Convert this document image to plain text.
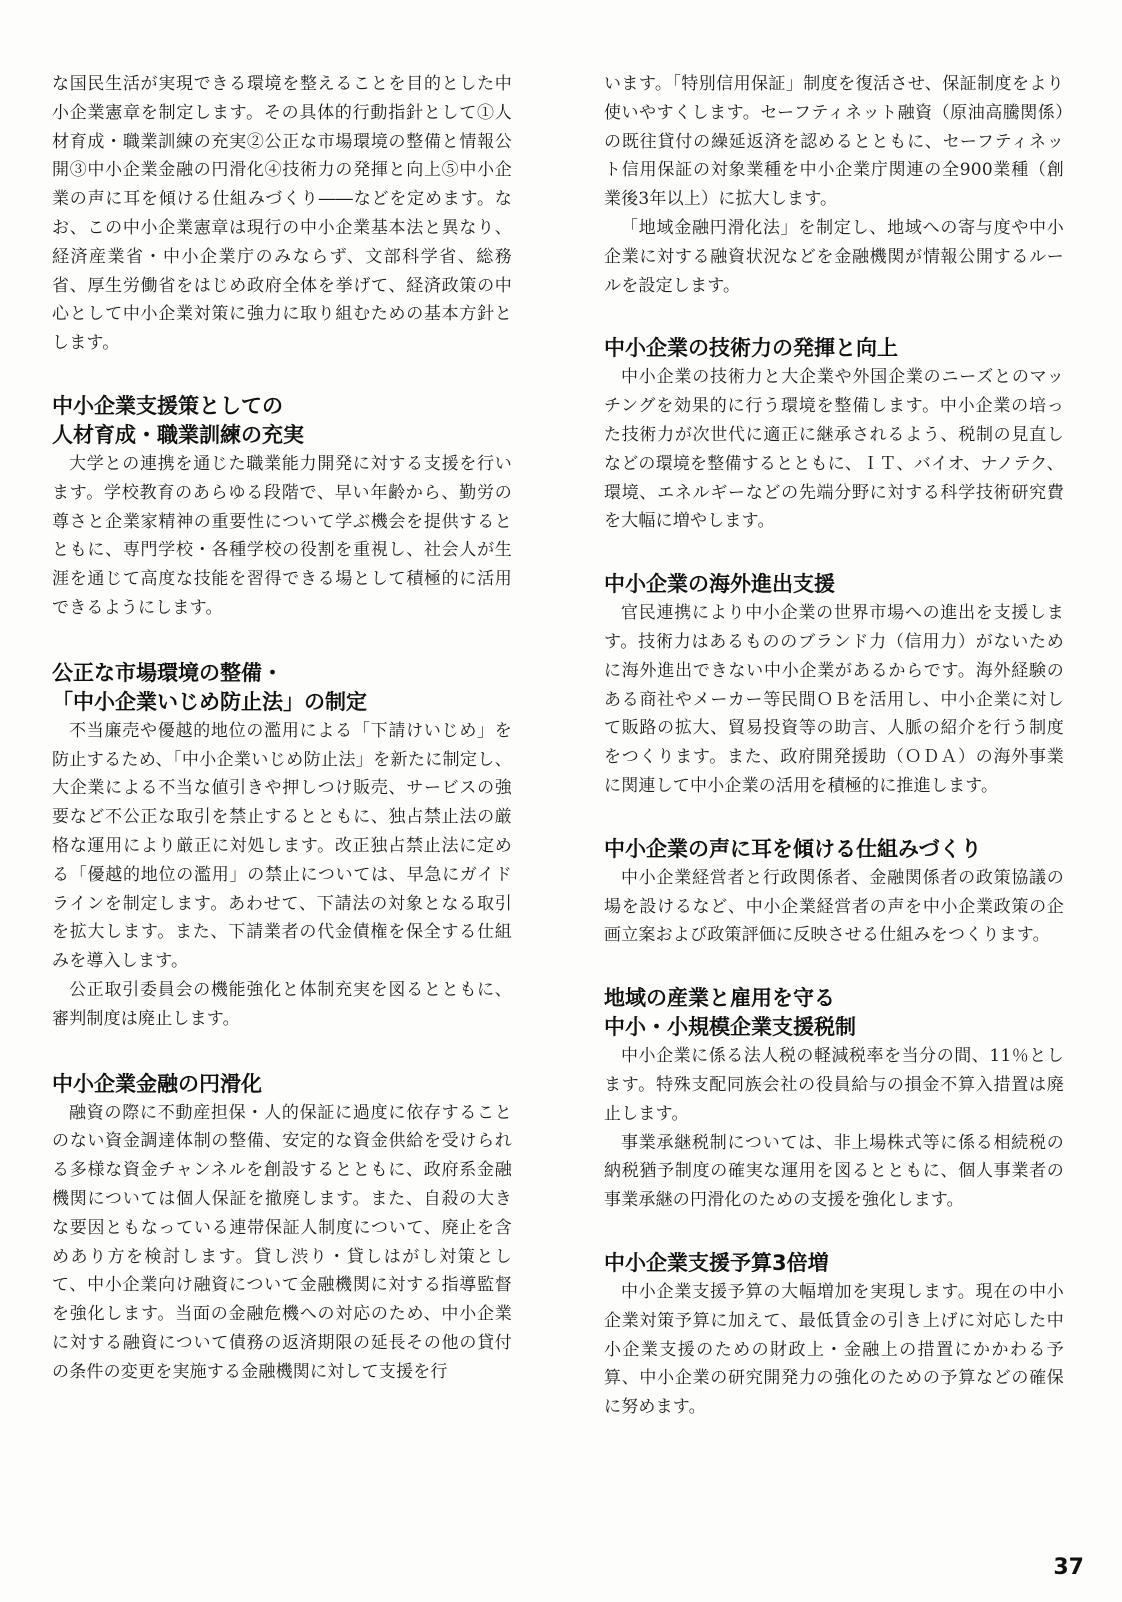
な国民生活が実現できる環境を整えることを目的とした中小企業憲章を制定します。その具体的行動指針として①人材育成・職業訓練の充実②公正な市場環境の整備と情報公開③中小企業金融の円滑化④技術力の発揮と向上⑤中小企業の声に耳を傾ける仕組みづくり――などを定めます。なお、この中小企業憲章は現行の中小企業基本法と異なり、経済産業省・中小企業庁のみならず、文部科学省、総務省、厚生労働省をはじめ政府全体を挙げて、経済政策の中心として中小企業対策に強力に取り組むための基本方針とします。

中小企業支援策としての
人材育成・職業訓練の充実

大学との連携を通じた職業能力開発に対する支援を行います。学校教育のあらゆる段階で、早い年齢から、勤労の尊さと企業家精神の重要性について学ぶ機会を提供するとともに、専門学校・各種学校の役割を重視し、社会人が生涯を通じて高度な技能を習得できる場として積極的に活用できるようにします。

公正な市場環境の整備・
「中小企業いじめ防止法」の制定

不当廉売や優越的地位の濫用による「下請けいじめ」を防止するため、「中小企業いじめ防止法」を新たに制定し、大企業による不当な値引きや押しつけ販売、サービスの強要など不公正な取引を禁止するとともに、独占禁止法の厳格な運用により厳正に対処します。改正独占禁止法に定める「優越的地位の濫用」の禁止については、早急にガイドラインを制定します。あわせて、下請法の対象となる取引を拡大します。また、下請業者の代金債権を保全する仕組みを導入します。

公正取引委員会の機能強化と体制充実を図るとともに、審判制度は廃止します。

中小企業金融の円滑化

融資の際に不動産担保・人的保証に過度に依存することのない資金調達体制の整備、安定的な資金供給を受けられる多様な資金チャンネルを創設するとともに、政府系金融機関については個人保証を撤廃します。また、自殺の大きな要因ともなっている連帯保証人制度について、廃止を含めあり方を検討します。貸し渋り・貸しはがし対策として、中小企業向け融資について金融機関に対する指導監督を強化します。当面の金融危機への対応のため、中小企業に対する融資について債務の返済期限の延長その他の貸付の条件の変更を実施する金融機関に対して支援を行

います。「特別信用保証」制度を復活させ、保証制度をより使いやすくします。セーフティネット融資（原油高騰関係）の既往貸付の繰延返済を認めるとともに、セーフティネット信用保証の対象業種を中小企業庁関連の全900業種（創業後3年以上）に拡大します。

「地域金融円滑化法」を制定し、地域への寄与度や中小企業に対する融資状況などを金融機関が情報公開するルールを設定します。

中小企業の技術力の発揮と向上

中小企業の技術力と大企業や外国企業のニーズとのマッチングを効果的に行う環境を整備します。中小企業の培った技術力が次世代に適正に継承されるよう、税制の見直しなどの環境を整備するとともに、ＩＴ、バイオ、ナノテク、環境、エネルギーなどの先端分野に対する科学技術研究費を大幅に増やします。

中小企業の海外進出支援

官民連携により中小企業の世界市場への進出を支援します。技術力はあるもののブランド力（信用力）がないために海外進出できない中小企業があるからです。海外経験のある商社やメーカー等民間ＯＢを活用し、中小企業に対して販路の拡大、貿易投資等の助言、人脈の紹介を行う制度をつくります。また、政府開発援助（ＯＤＡ）の海外事業に関連して中小企業の活用を積極的に推進します。

中小企業の声に耳を傾ける仕組みづくり

中小企業経営者と行政関係者、金融関係者の政策協議の場を設けるなど、中小企業経営者の声を中小企業政策の企画立案および政策評価に反映させる仕組みをつくります。

地域の産業と雇用を守る
中小・小規模企業支援税制

中小企業に係る法人税の軽減税率を当分の間、11％とします。特殊支配同族会社の役員給与の損金不算入措置は廃止します。

事業承継税制については、非上場株式等に係る相続税の納税猶予制度の確実な運用を図るとともに、個人事業者の事業承継の円滑化のための支援を強化します。

中小企業支援予算3倍増

中小企業支援予算の大幅増加を実現します。現在の中小企業対策予算に加えて、最低賃金の引き上げに対応した中小企業支援のための財政上・金融上の措置にかかわる予算、中小企業の研究開発力の強化のための予算などの確保に努めます。

37
